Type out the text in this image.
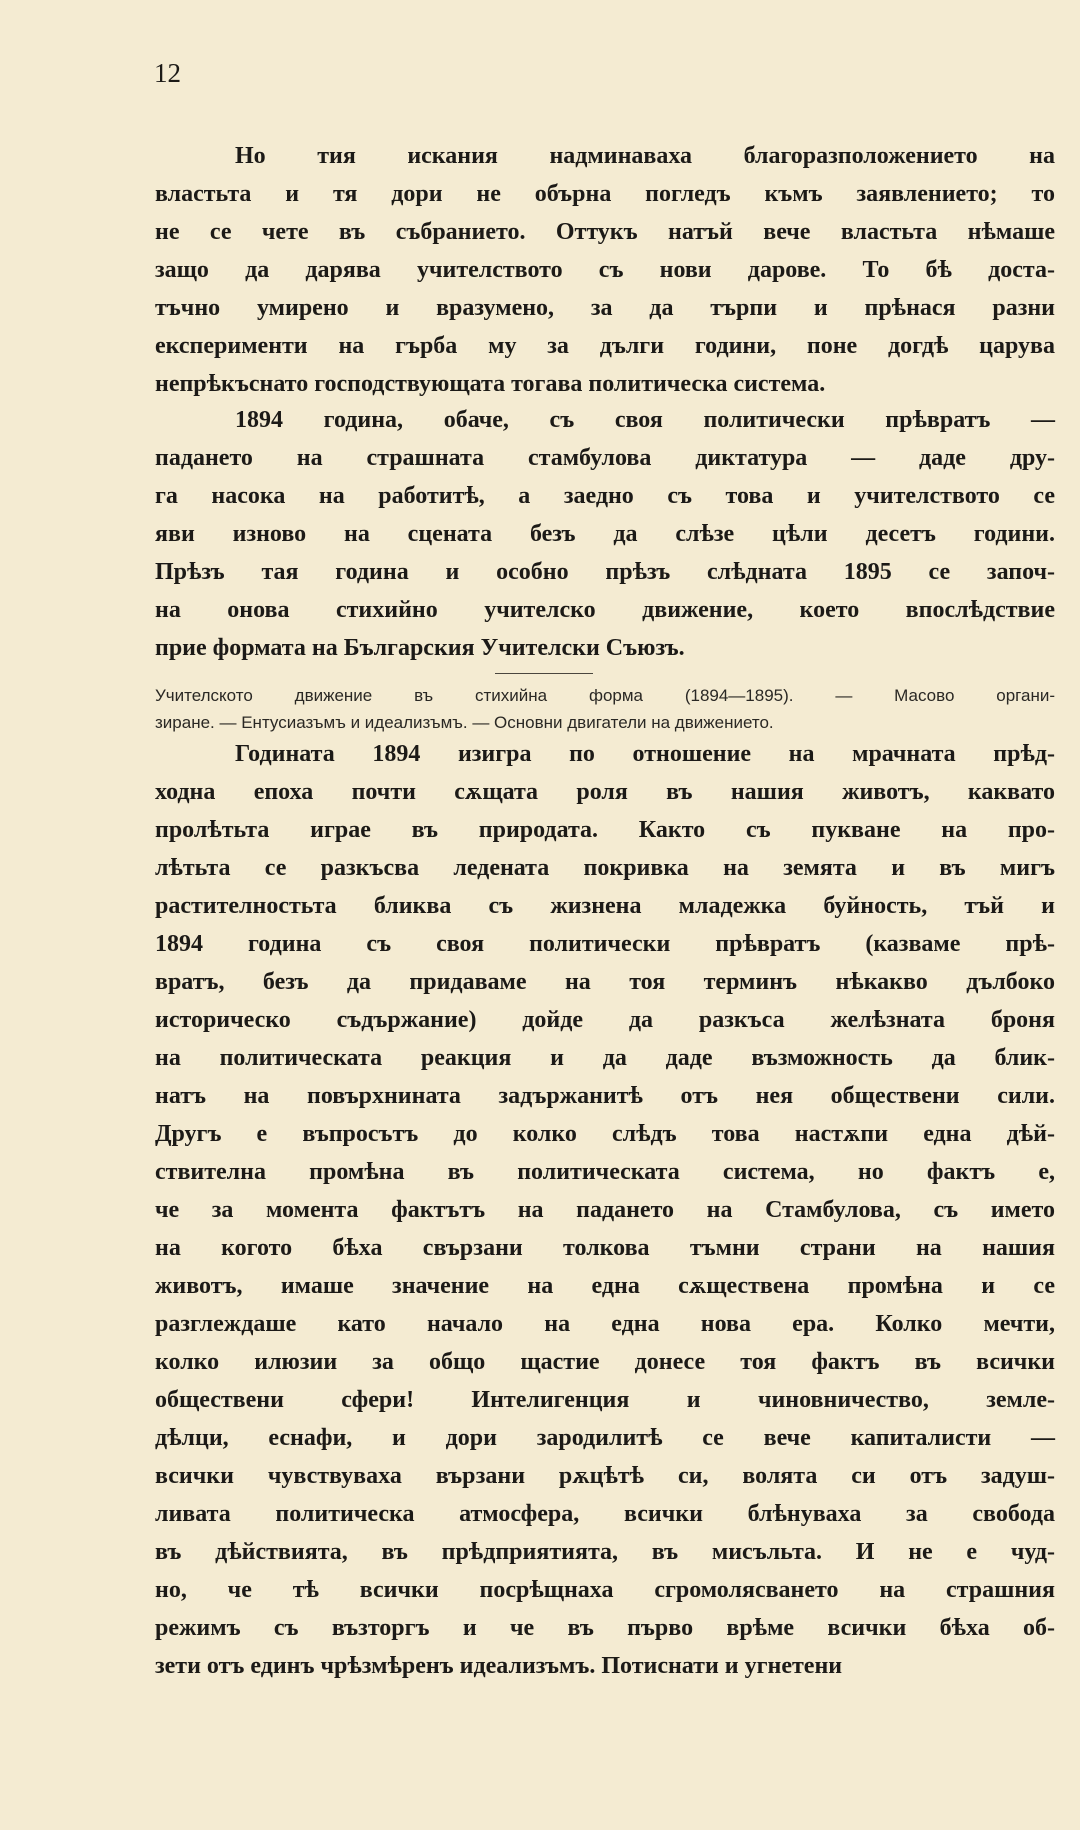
12
Но тия искания надминаваха благоразположението на
властьта и тя дори не обърна погледъ къмъ заявлението; то
не се чете въ събранието. Оттукъ натъй вече властьта нѣмаше
защо да дарява учителството съ нови дарове. То бѣ доста-
тъчно умирено и вразумено, за да търпи и прѣнася разни
експерименти на гърба му за дълги години, поне догдѣ царува
непрѣкъснато господствующата тогава политическа система.
1894 година, обаче, съ своя политически прѣвратъ —
падането на страшната стамбулова диктатура — даде дру-
га насока на работитѣ, а заедно съ това и учителството се
яви изново на сцената безъ да слѣзе цѣли десетъ години.
Прѣзъ тая година и особно прѣзъ слѣдната 1895 се започ-
на онова стихийно учителско движение, което впослѣдствие
прие формата на Българския Учителски Съюзъ.
Учителското движение въ стихийна форма (1894—1895). — Масово органи-
зиране. — Ентусиазъмъ и идеализъмъ. — Основни двигатели на движението.
Годината 1894 изигра по отношение на мрачната прѣд-
ходна епоха почти сѫщата роля въ нашия животъ, каквато
пролѣтьта играе въ природата. Както съ пукване на про-
лѣтьта се разкъсва ледената покривка на земята и въ мигъ
растителностьта бликва съ жизнена младежка буйность, тъй и
1894 година съ своя политически прѣвратъ (казваме прѣ-
вратъ, безъ да придаваме на тоя терминъ нѣкакво дълбоко
историческо съдържание) дойде да разкъса желѣзната броня
на политическата реакция и да даде възможность да блик-
натъ на повърхнината задържанитѣ отъ нея обществени сили.
Другъ е въпросътъ до колко слѣдъ това настѫпи една дѣй-
ствителна промѣна въ политическата система, но фактъ е,
че за момента фактътъ на падането на Стамбулова, съ името
на когото бѣха свързани толкова тъмни страни на нашия
животъ, имаше значение на една сѫществена промѣна и се
разглеждаше като начало на една нова ера. Колко мечти,
колко илюзии за общо щастие донесе тоя фактъ въ всички
обществени сфери! Интелигенция и чиновничество, земле-
дѣлци, еснафи, и дори зародилитѣ се вече капиталисти —
всички чувствуваха вързани рѫцѣтѣ си, волята си отъ задуш-
ливата политическа атмосфера, всички блѣнуваха за свобода
въ дѣйствията, въ прѣдприятията, въ мисъльта. И не е чуд-
но, че тѣ всички посрѣщнаха сгромолясването на страшния
режимъ съ възторгъ и че въ първо врѣме всички бѣха об-
зети отъ единъ чрѣзмѣренъ идеализъмъ. Потиснати и угнетени
